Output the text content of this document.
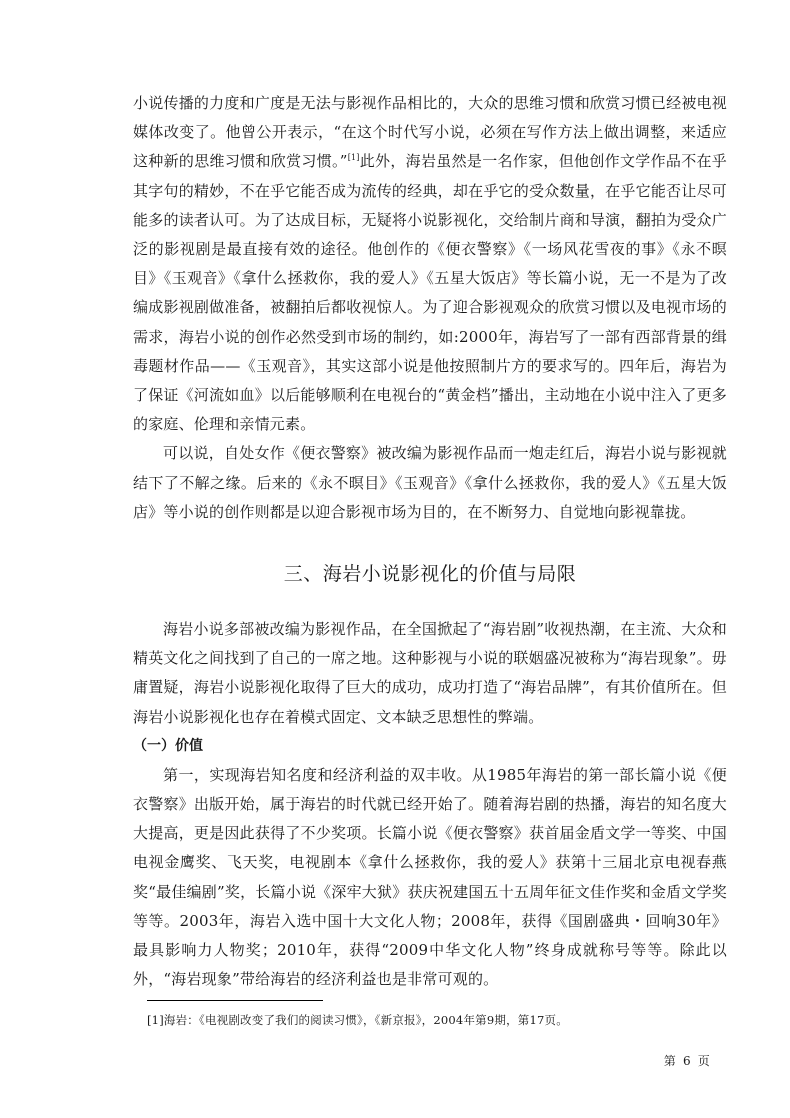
小说传播的力度和广度是无法与影视作品相比的，大众的思维习惯和欣赏习惯已经被电视媒体改变了。他曾公开表示，“在这个时代写小说，必须在写作方法上做出调整，来适应这种新的思维习惯和欣赏习惯。”[1]此外，海岩虽然是一名作家，但他创作文学作品不在乎其字句的精妙，不在乎它能否成为流传的经典，却在乎它的受众数量，在乎它能否让尽可能多的读者认可。为了达成目标，无疑将小说影视化，交给制片商和导演，翻拍为受众广泛的影视剧是最直接有效的途径。他创作的《便衣警察》《一场风花雪夜的事》《永不暝目》《玉观音》《拿什么拯救你，我的爱人》《五星大饭店》等长篇小说，无一不是为了改编成影视剧做准备，被翻拍后都收视惊人。为了迎合影视观众的欣赏习惯以及电视市场的需求，海岩小说的创作必然受到市场的制约，如:2000年，海岩写了一部有西部背景的缉毒题材作品——《玉观音》，其实这部小说是他按照制片方的要求写的。四年后，海岩为了保证《河流如血》以后能够顺利在电视台的“黄金档”播出，主动地在小说中注入了更多的家庭、伦理和亲情元素。

可以说，自处女作《便衣警察》被改编为影视作品而一炮走红后，海岩小说与影视就结下了不解之缘。后来的《永不暝目》《玉观音》《拿什么拯救你，我的爱人》《五星大饭店》等小说的创作则都是以迎合影视市场为目的，在不断努力、自觉地向影视靠拢。

三、海岩小说影视化的价值与局限

海岩小说多部被改编为影视作品，在全国掀起了“海岩剧”收视热潮，在主流、大众和精英文化之间找到了自己的一席之地。这种影视与小说的联姻盛况被称为“海岩现象”。毋庸置疑，海岩小说影视化取得了巨大的成功，成功打造了“海岩品牌”，有其价值所在。但海岩小说影视化也存在着模式固定、文本缺乏思想性的弊端。

（一）价值

第一，实现海岩知名度和经济利益的双丰收。从1985年海岩的第一部长篇小说《便衣警察》出版开始，属于海岩的时代就已经开始了。随着海岩剧的热播，海岩的知名度大大提高，更是因此获得了不少奖项。长篇小说《便衣警察》获首届金盾文学一等奖、中国电视金鹰奖、飞天奖，电视剧本《拿什么拯救你，我的爱人》获第十三届北京电视春燕奖“最佳编剧”奖，长篇小说《深牢大狱》获庆祝建国五十五周年征文佳作奖和金盾文学奖等等。2003年，海岩入选中国十大文化人物；2008年，获得《国剧盛典・回响30年》最具影响力人物奖；2010年，获得“2009中华文化人物”终身成就称号等等。除此以外，“海岩现象”带给海岩的经济利益也是非常可观的。

[1]海岩：《电视剧改变了我们的阅读习惯》，《新京报》，2004年第9期，第17页。

第 6 页
